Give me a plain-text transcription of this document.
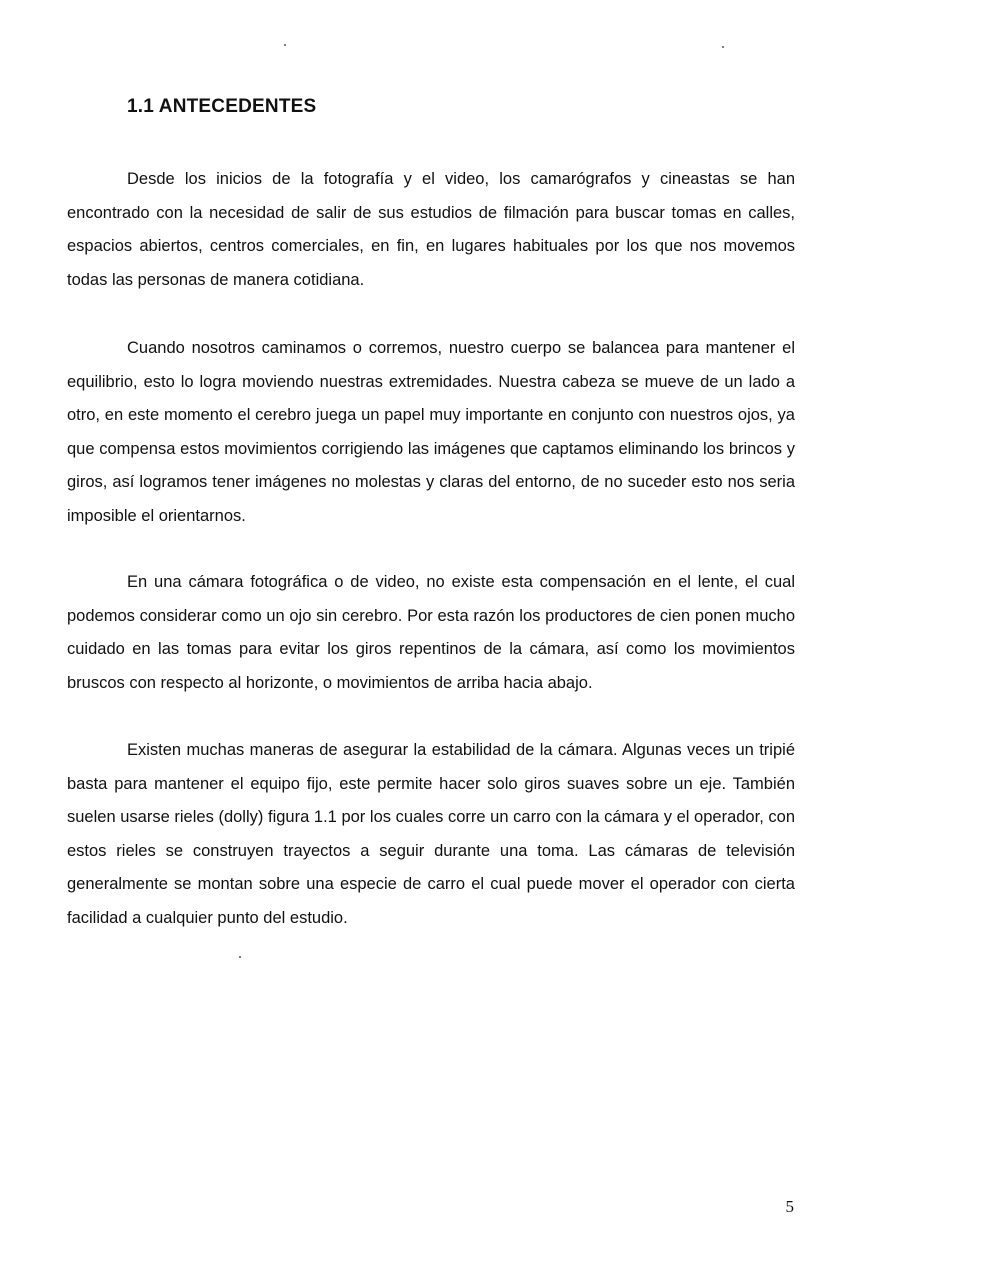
1.1 ANTECEDENTES

Desde los inicios de la fotografía y el video, los camarógrafos y cineastas se han encontrado con la necesidad de salir de sus estudios de filmación para buscar tomas en calles, espacios abiertos, centros comerciales, en fin, en lugares habituales por los que nos movemos todas las personas de manera cotidiana.

Cuando nosotros caminamos o corremos, nuestro cuerpo se balancea para mantener el equilibrio, esto lo logra moviendo nuestras extremidades. Nuestra cabeza se mueve de un lado a otro, en este momento el cerebro juega un papel muy importante en conjunto con nuestros ojos, ya que compensa estos movimientos corrigiendo las imágenes que captamos eliminando los brincos y giros, así logramos tener imágenes no molestas y claras del entorno, de no suceder esto nos seria imposible el orientarnos.

En una cámara fotográfica o de video, no existe esta compensación en el lente, el cual podemos considerar como un ojo sin cerebro. Por esta razón los productores de cien ponen mucho cuidado en las tomas para evitar los giros repentinos de la cámara, así como los movimientos bruscos con respecto al horizonte, o movimientos de arriba hacia abajo.

Existen muchas maneras de asegurar la estabilidad de la cámara. Algunas veces un tripié basta para mantener el equipo fijo, este permite hacer solo giros suaves sobre un eje. También suelen usarse rieles (dolly) figura 1.1 por los cuales corre un carro con la cámara y el operador, con estos rieles se construyen trayectos a seguir durante una toma. Las cámaras de televisión generalmente se montan sobre una especie de carro el cual puede mover el operador con cierta facilidad a cualquier punto del estudio.

5
